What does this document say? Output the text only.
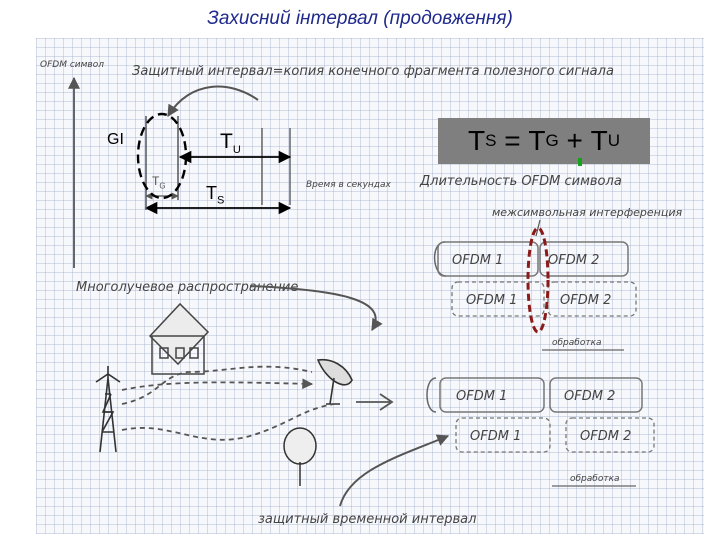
Захисний інтервал (продовження)
OFDM символ Защитный интервал=копия конечного фрагмента полезного сигнала
Время в секундах Длительность OFDM символа
межсимвольная интерференция
OFDM 1	OFDM 2
OFDM 1	OFDM 2
обработка
Многолучевое распространение
OFDM 1	OFDM 2
OFDM 1	OFDM 2
обработка
защитный временной интервал
T S = T G + T U
GI	$T_U$
$T_S$
$T_G$
